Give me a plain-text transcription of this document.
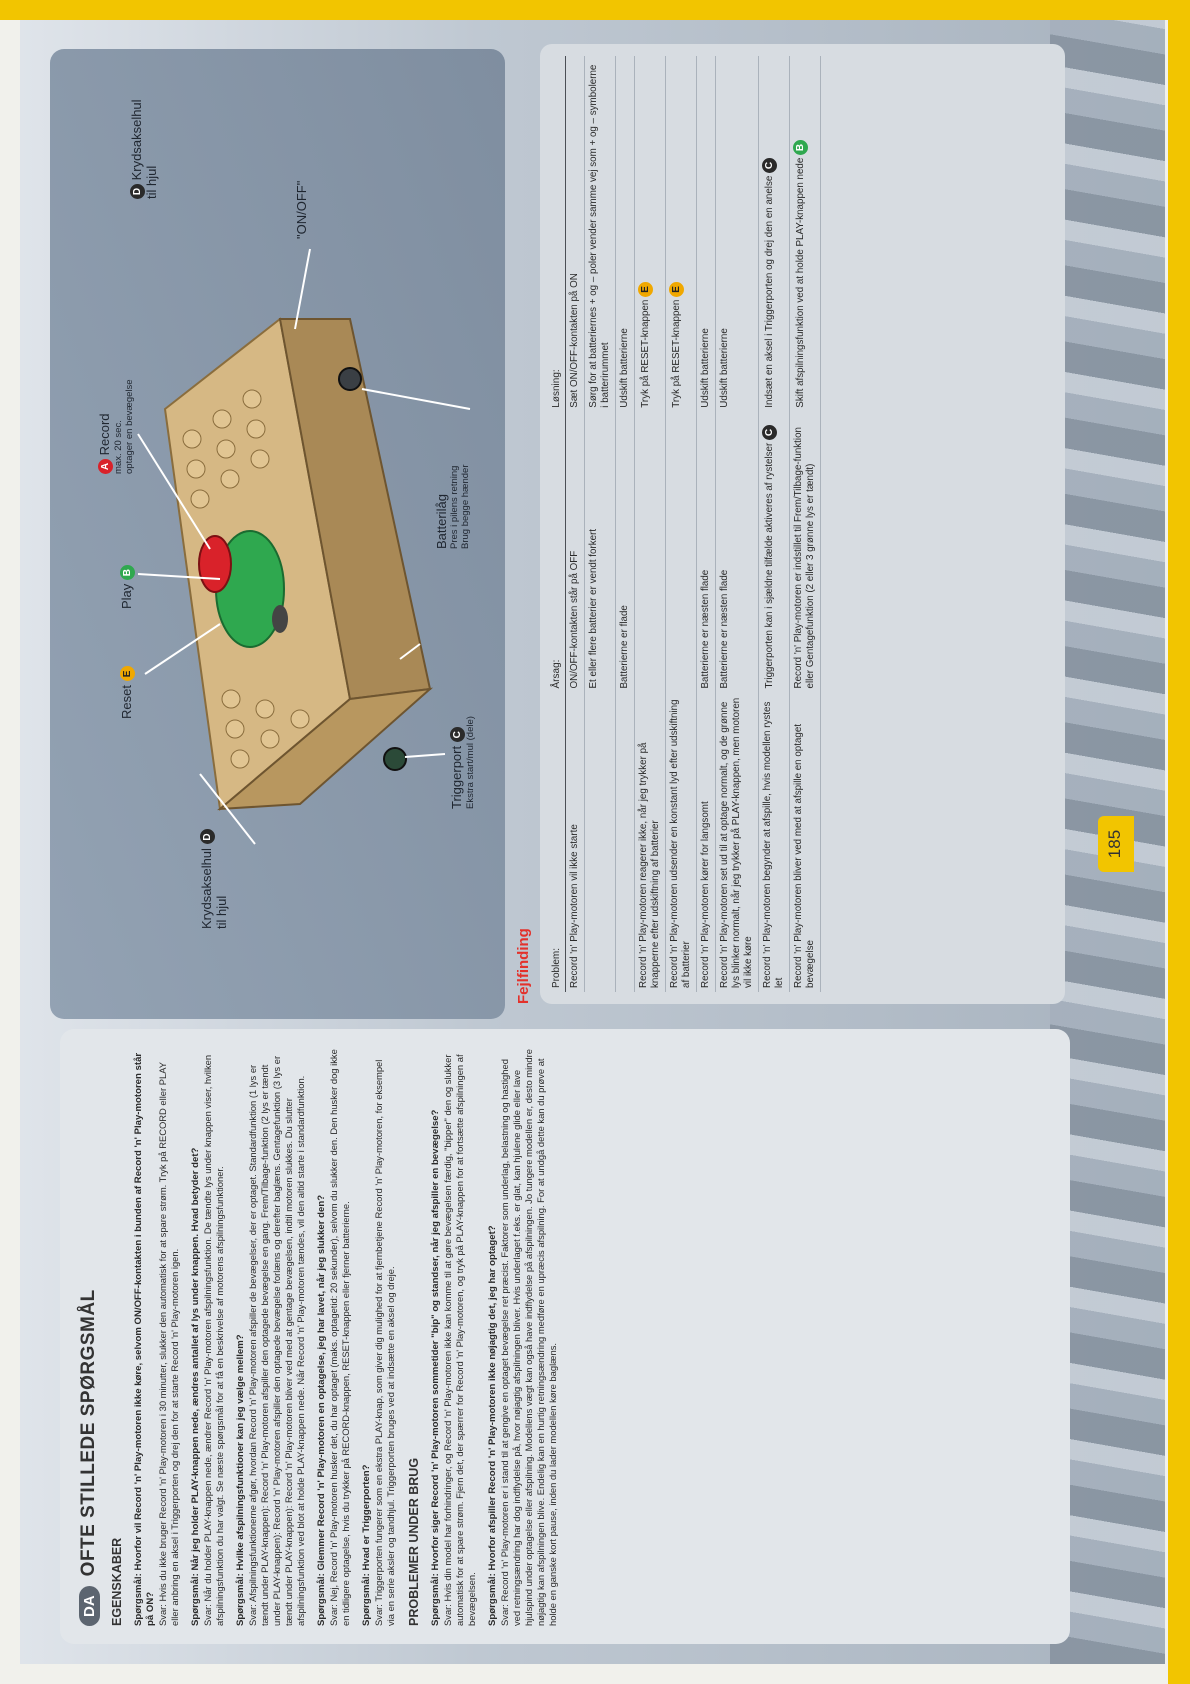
DA
OFTE STILLEDE SPØRGSMÅL
EGENSKABER Spørgsmål: Hvorfor vil Record 'n' Play-motoren ikke køre, selvom ON/OFF-kontakten i bunden af Record 'n' Play-motoren står på ON? Svar: Hvis du ikke bruger Record 'n' Play-motoren i 30 minutter, slukker den automatisk for at spare strøm. Tryk på RECORD eller PLAY eller anbring en aksel i Triggerporten og drej den for at starte Record 'n' Play-motoren igen. Spørgsmål: Når jeg holder PLAY-knappen nede, ændres antallet af lys under knappen. Hvad betyder det? Svar: Når du holder PLAY-knappen nede, ændrer Record 'n' Play-motoren afspilningsfunktion. De tændte lys under knappen viser, hvilken afspilningsfunktion du har valgt. Se næste spørgsmål for at få en beskrivelse af motorens afspilningsfunktioner. Spørgsmål: Hvilke afspilningsfunktioner kan jeg vælge mellem? Svar: Afspilningsfunktionerne afgør, hvordan Record 'n' Play-motoren afspiller de bevægelser, der er optaget. Standardfunktion (1 lys er tændt under PLAY-knappen): Record 'n' Play-motoren afspiller den optagede bevægelse en gang. Frem/Tilbage-funktion (2 lys er tændt under PLAY-knappen): Record 'n' Play-motoren afspiller den optagede bevægelse forlæns og derefter baglæns. Gentagefunktion (3 lys er tændt under PLAY-knappen): Record 'n' Play-motoren bliver ved med at gentage bevægelsen, indtil motoren slukkes. Du slutter afspilningsfunktion ved blot at holde PLAY-knappen nede. Når Record 'n' Play-motoren tændes, vil den altid starte i standardfunktion. Spørgsmål: Glemmer Record 'n' Play-motoren en optagelse, jeg har lavet, når jeg slukker den? Svar: Nej, Record 'n' Play-motoren husker det, du har optaget (maks. optagetid: 20 sekunder), selvom du slukker den. Den husker dog ikke en tidligere optagelse, hvis du trykker på RECORD-knappen, RESET-knappen eller fjerner batterierne. Spørgsmål: Hvad er Triggerporten? Svar: Triggerporten fungerer som en ekstra PLAY-knap, som giver dig mulighed for at fjernbetjene Record 'n' Play-motoren, for eksempel via en serie aksler og tandhjul. Triggerporten bruges ved at indsætte en aksel og dreje. PROBLEMER UNDER BRUG Spørgsmål: Hvorfor siger Record 'n' Play-motoren sommetider "bip" og standser, når jeg afspiller en bevægelse? Svar: Hvis din model har forhindringer, og Record 'n' Play-motoren ikke kan komme til at gøre bevægelsen færdig, "bipper" den og slukker automatisk for at spare strøm. Fjern det, der spærrer for Record 'n' Play-motoren, og tryk på PLAY-knappen for at fortsætte afspilningen af bevægelsen. Spørgsmål: Hvorfor afspiller Record 'n' Play-motoren ikke nøjagtig det, jeg har optaget? Svar: Record 'n' Play-motoren er i stand til at gengive en optaget bevægelse ret præcist. Faktorer som underlag, belastning og hastighed ved retningsændring har dog indflydelse på, hvor nøjagtig afspilningen bliver. Hvis underlaget f.eks. er glat, kan hjulene glide eller lave hjulspind under optagelse eller afspilning. Modellens vægt kan også have indflydelse på afspilningen. Jo tungere modellen er, desto mindre nøjagtig kan afspilningen blive. Endelig kan en hurtig retningsændring medføre en upræcis afspilning. For at undgå dette kan du prøve at holde en ganske kort pause, inden du lader modellen køre baglæns.
Krydsakselhul D
til hjul
Reset E
Play B
A Record max. 20 sec. optager en bevægelse
D Krydsakselhul
til hjul
Triggerport C Ekstra start/mul (dele)
Batterilåg Pres i pilens retning Brug begge hænder
"ON/OFF"
Fejlfinding Problem:	Årsag:	Løsning:
Record 'n' Play-motoren vil ikke starte	ON/OFF-kontakten står på OFF	Sæt ON/OFF-kontakten på ON
	Et eller flere batterier er vendt forkert	Sørg for at batteriernes + og – poler vender samme vej som + og – symbolerne i batterirummet
	Batterierne er flade	Udskift batterierne
Record 'n' Play-motoren reagerer ikke, når jeg trykker på knapperne efter udskiftning af batterier		Tryk på RESET-knappen E
Record 'n' Play-motoren udsender en konstant lyd efter udskiftning af batterier		Tryk på RESET-knappen E
Record 'n' Play-motoren kører for langsomt	Batterierne er næsten flade	Udskift batterierne
Record 'n' Play-motoren set ud til at optage normalt, og de grønne lys blinker normalt, når jeg trykker på PLAY-knappen, men motoren vil ikke køre	Batterierne er næsten flade	Udskift batterierne
Record 'n' Play-motoren begynder at afspille, hvis modellen rystes let	Triggerporten kan i sjældne tilfælde aktiveres af rystelser C	Indsæt en aksel i Triggerporten og drej den en anelse C
Record 'n' Play-motoren bliver ved med at afspille en optaget bevægelse	Record 'n' Play-motoren er indstillet til Frem/Tilbage-funktion eller Gentagefunktion (2 eller 3 grønne lys er tændt)	Skift afspilningsfunktion ved at holde PLAY-knappen nede B
185
